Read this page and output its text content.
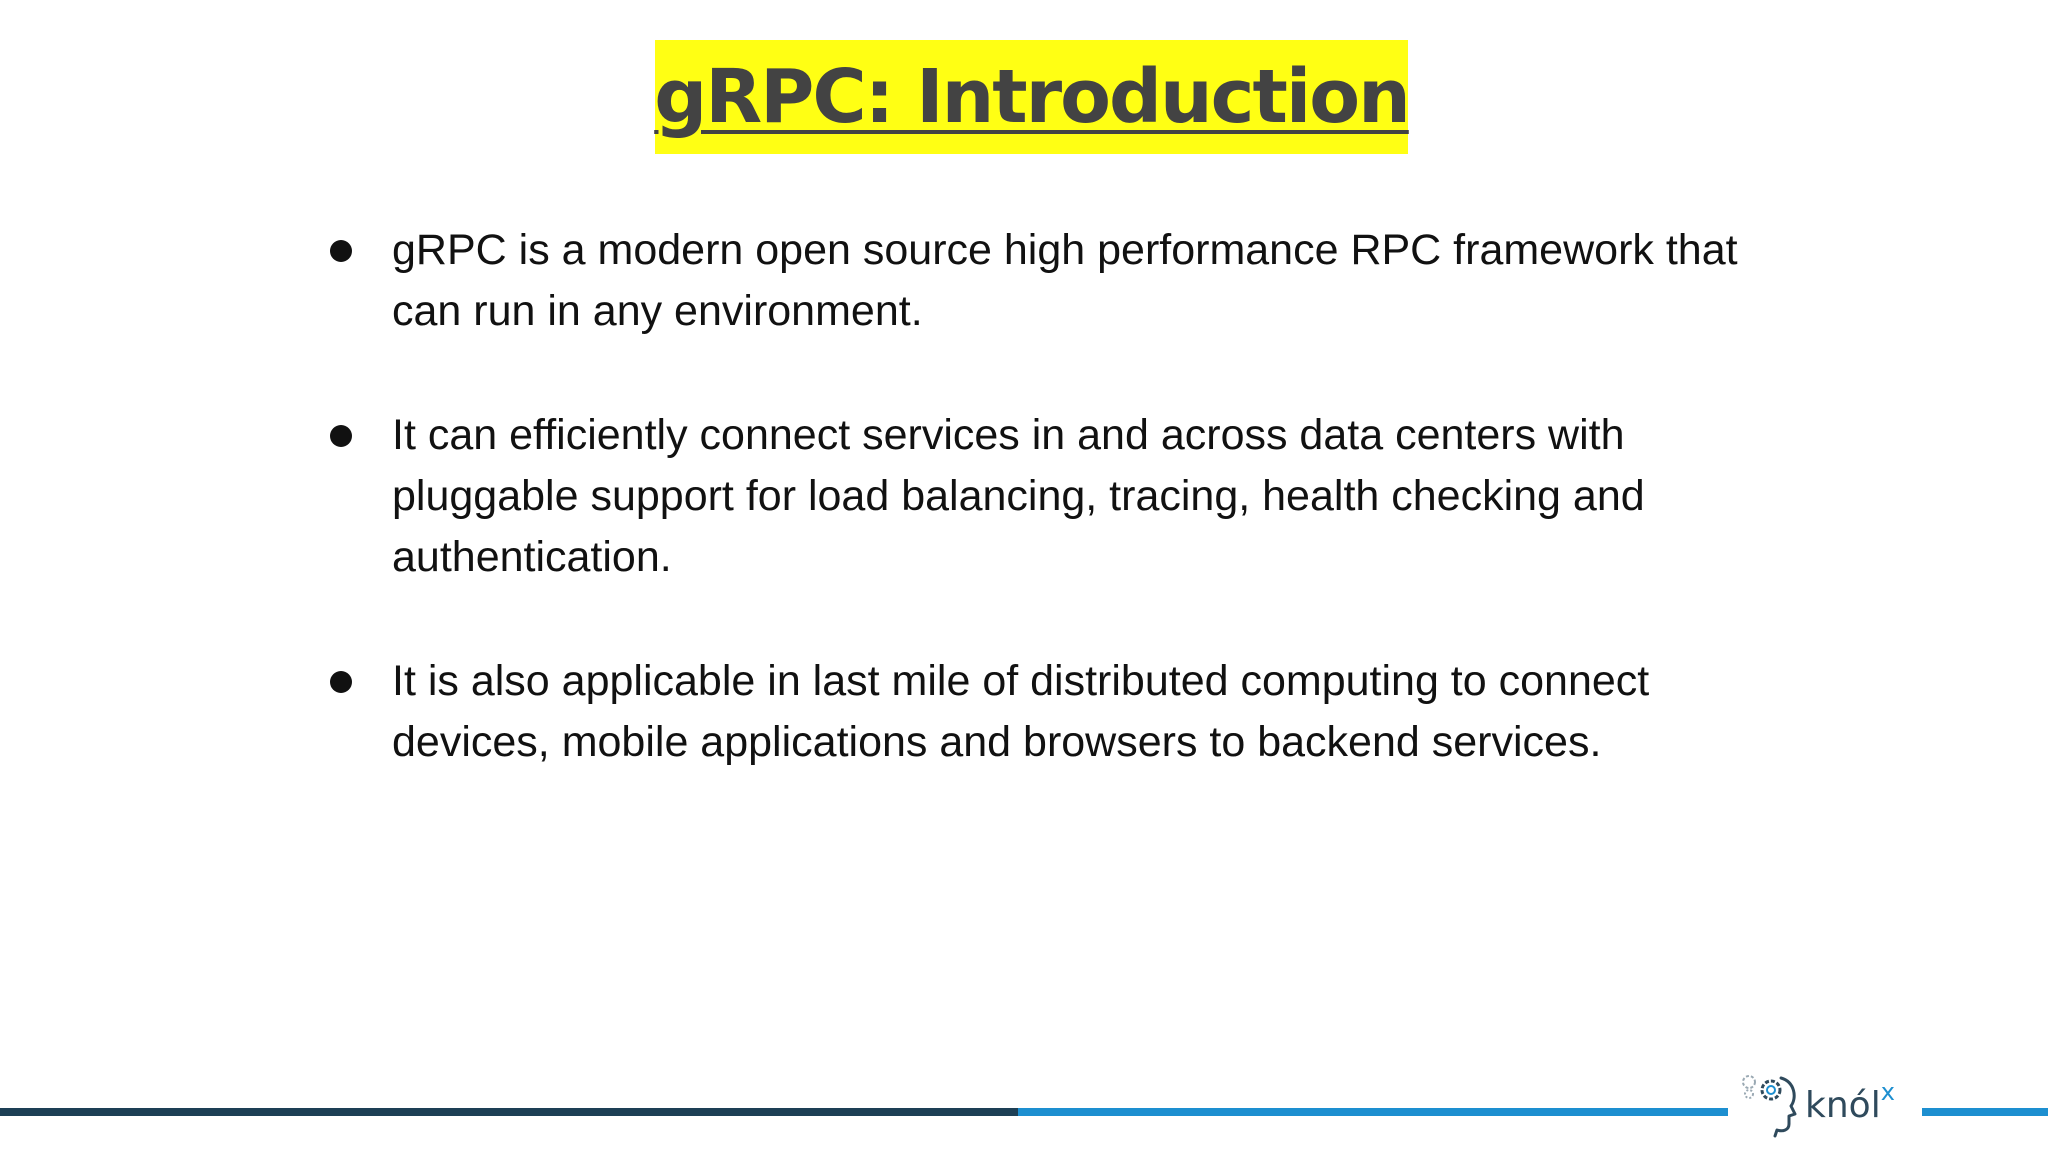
gRPC: Introduction
gRPC is a modern open source high performance RPC framework that can run in any environment.
It can efficiently connect services in and across data centers with pluggable support for load balancing, tracing, health checking and authentication.
It is also applicable in last mile of distributed computing to connect devices, mobile applications and browsers to backend services.
knól$^x$
